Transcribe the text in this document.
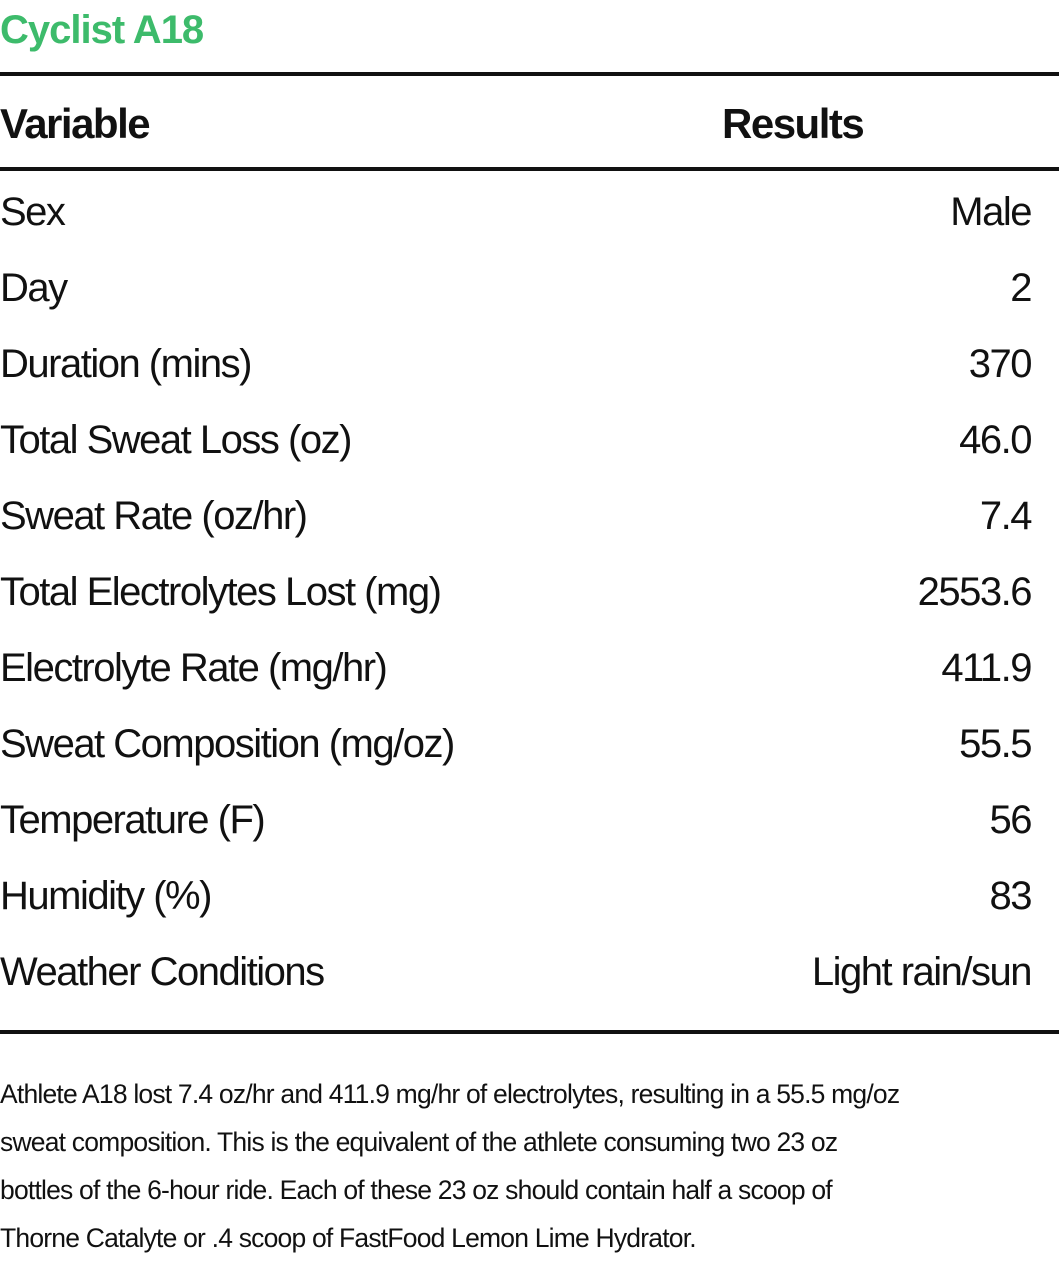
Cyclist A18
Variable	Results
Sex	Male
Day	2
Duration (mins)	370
Total Sweat Loss (oz)	46.0
Sweat Rate (oz/hr)	7.4
Total Electrolytes Lost (mg)	2553.6
Electrolyte Rate (mg/hr)	411.9
Sweat Composition (mg/oz)	55.5
Temperature (F)	56
Humidity (%)	83
Weather Conditions	Light rain/sun
Athlete A18 lost 7.4 oz/hr and 411.9 mg/hr of electrolytes, resulting in a 55.5 mg/oz
sweat composition. This is the equivalent of the athlete consuming two 23 oz
bottles of the 6-hour ride. Each of these 23 oz should contain half a scoop of
Thorne Catalyte or .4 scoop of FastFood Lemon Lime Hydrator.
